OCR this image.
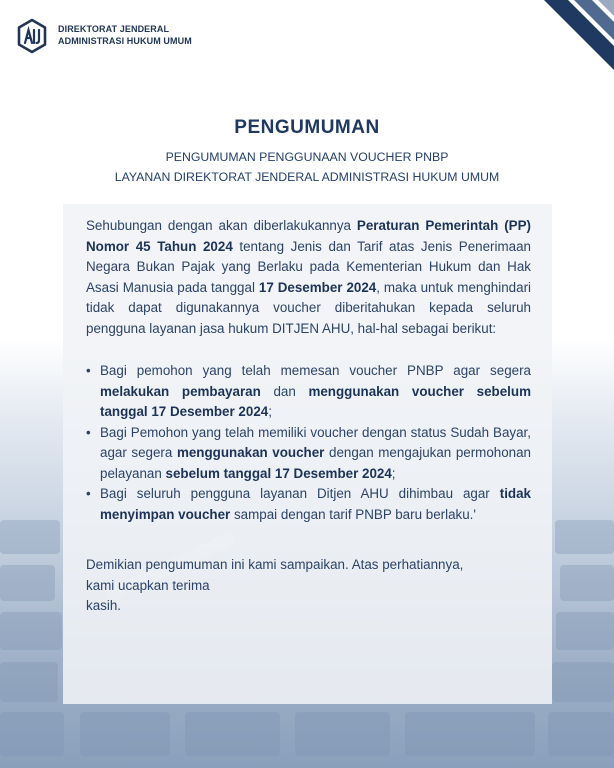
DIREKTORAT JENDERAL
ADMINISTRASI HUKUM UMUM
PENGUMUMAN
PENGUMUMAN PENGGUNAAN VOUCHER PNBP
LAYANAN DIREKTORAT JENDERAL ADMINISTRASI HUKUM UMUM

Sehubungan dengan akan diberlakukannya Peraturan Pemerintah (PP) Nomor 45 Tahun 2024 tentang Jenis dan Tarif atas Jenis Penerimaan Negara Bukan Pajak yang Berlaku pada Kementerian Hukum dan Hak Asasi Manusia pada tanggal 17 Desember 2024, maka untuk menghindari tidak dapat digunakannya voucher diberitahukan kepada seluruh pengguna layanan jasa hukum DITJEN AHU, hal-hal sebagai berikut:

• Bagi pemohon yang telah memesan voucher PNBP agar segera melakukan pembayaran dan menggunakan voucher sebelum tanggal 17 Desember 2024;
• Bagi Pemohon yang telah memiliki voucher dengan status Sudah Bayar, agar segera menggunakan voucher dengan mengajukan permohonan pelayanan sebelum tanggal 17 Desember 2024;
• Bagi seluruh pengguna layanan Ditjen AHU dihimbau agar tidak menyimpan voucher sampai dengan tarif PNBP baru berlaku.'

Demikian pengumuman ini kami sampaikan. Atas perhatiannya,
kami ucapkan terima
kasih.
